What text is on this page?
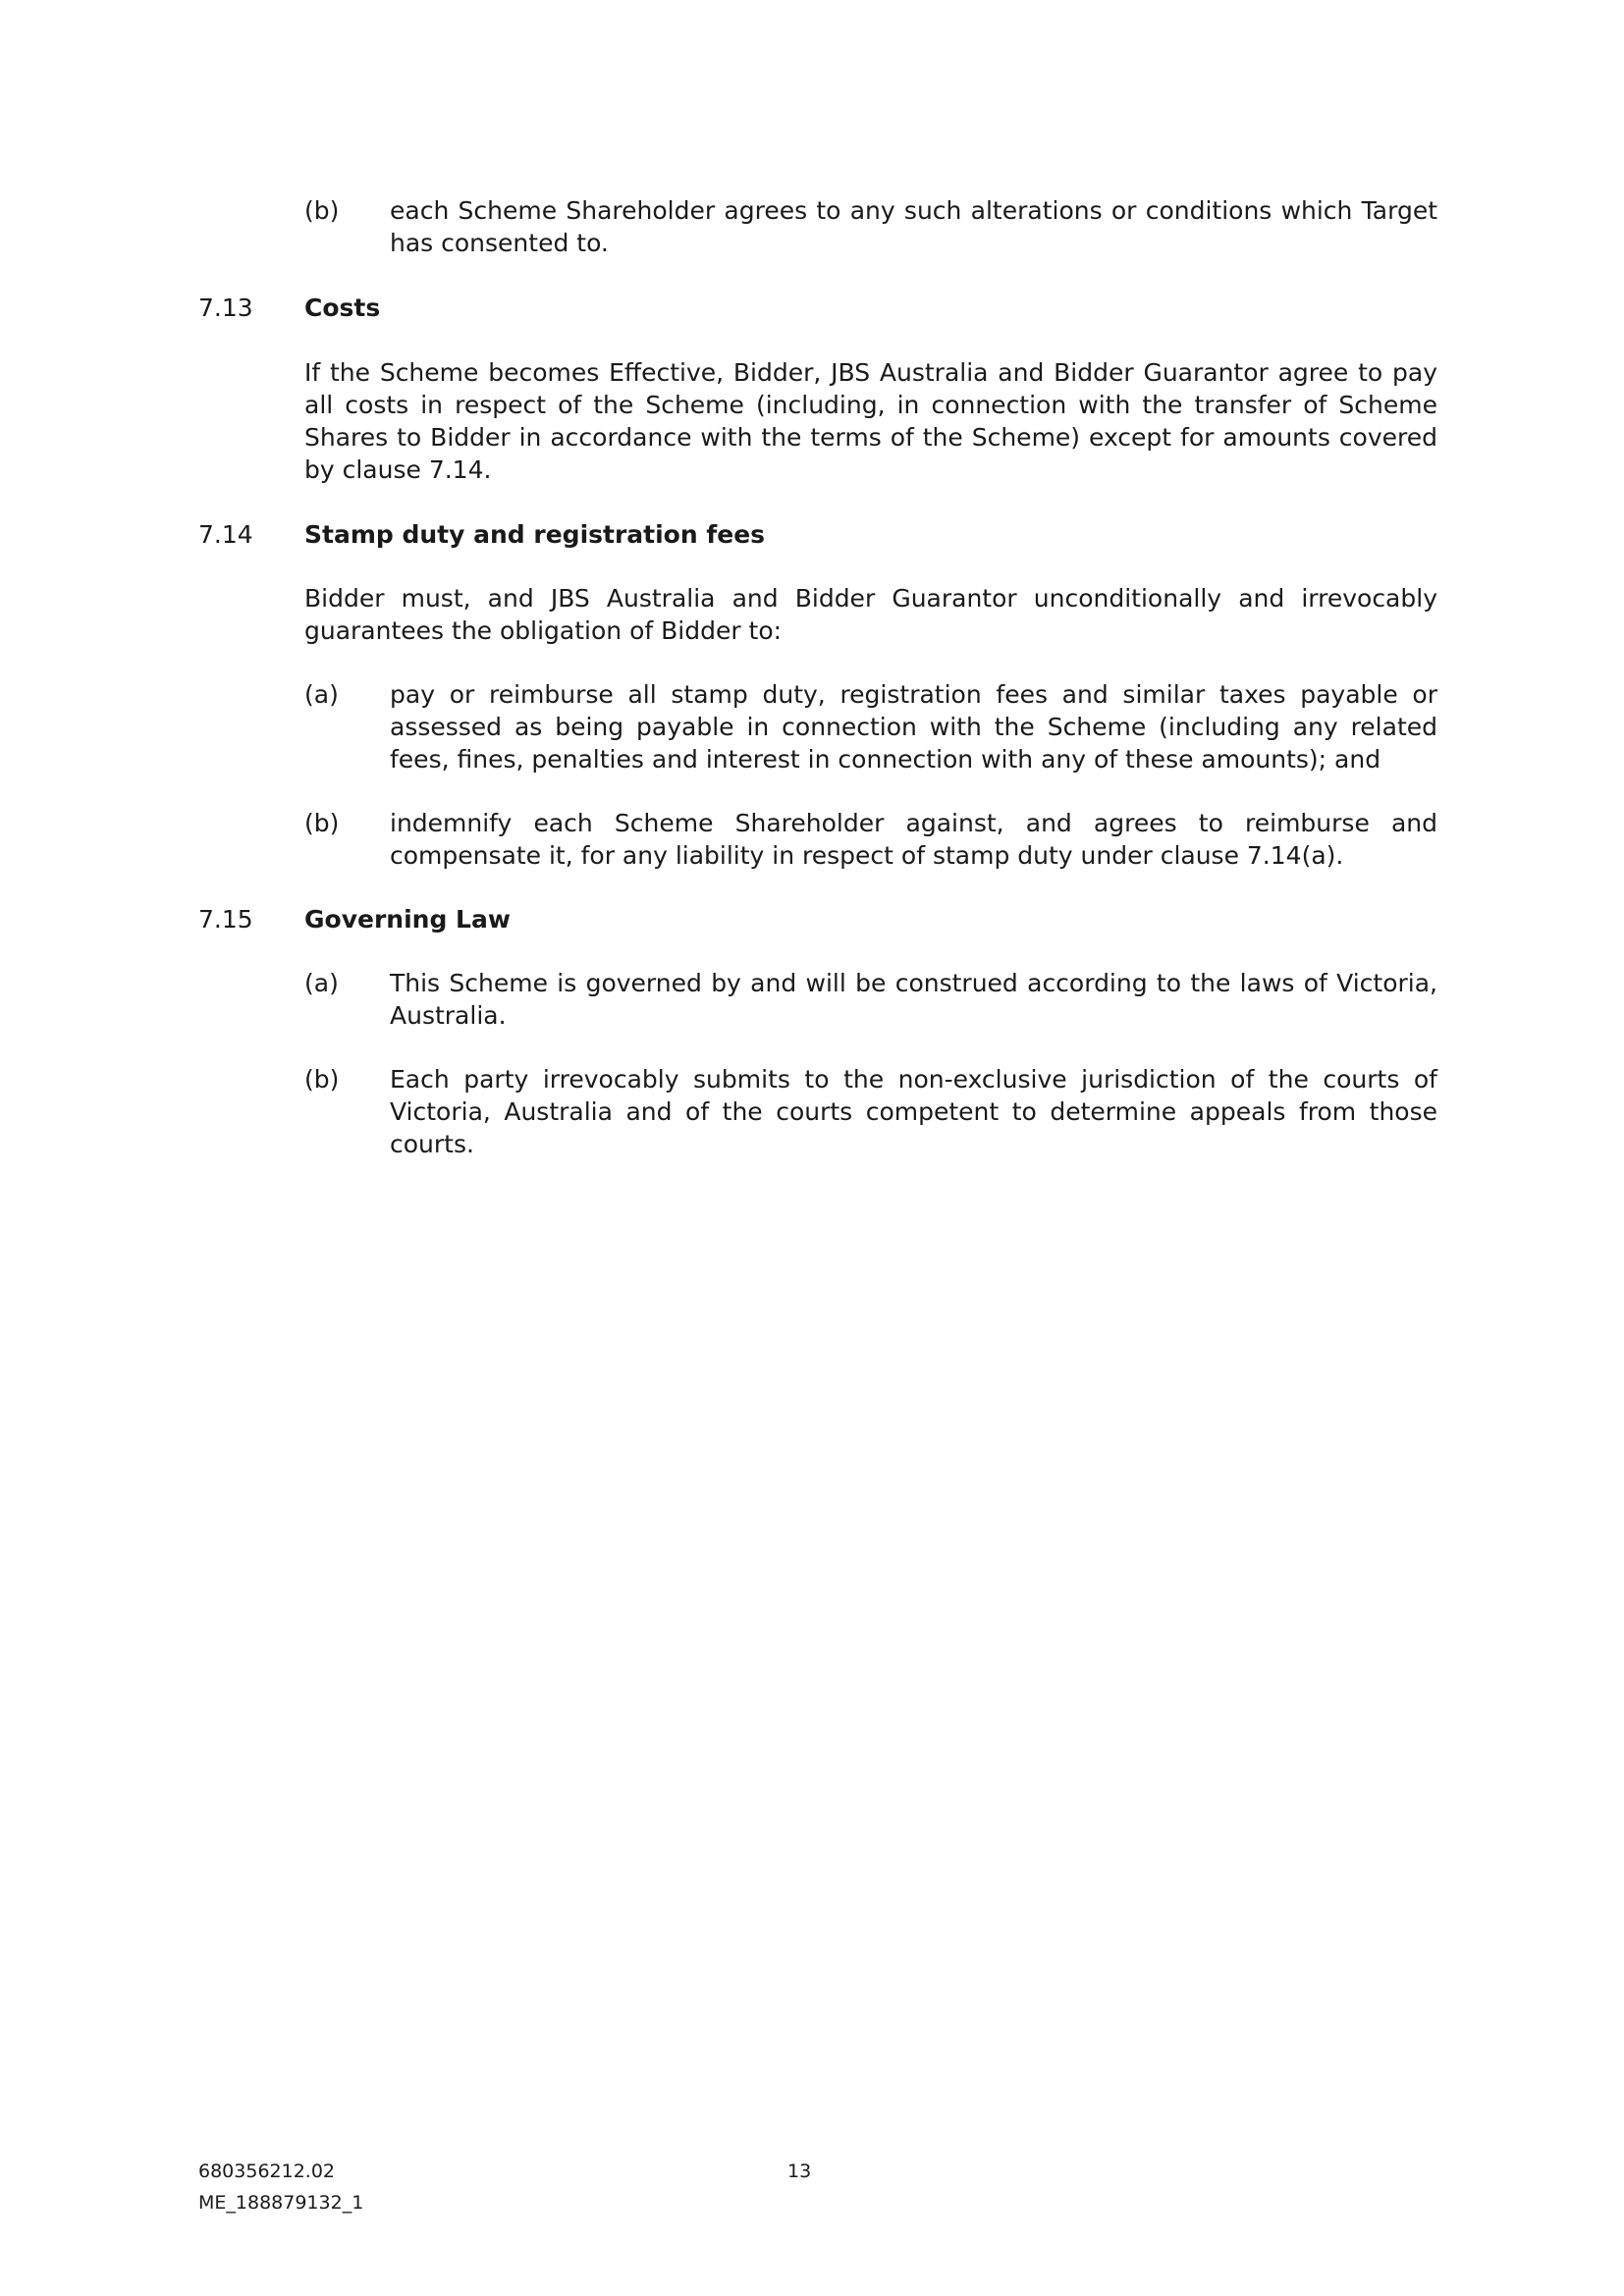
(b)	each Scheme Shareholder agrees to any such alterations or conditions which Target has consented to.
7.13 Costs
If the Scheme becomes Effective, Bidder, JBS Australia and Bidder Guarantor agree to pay all costs in respect of the Scheme (including, in connection with the transfer of Scheme Shares to Bidder in accordance with the terms of the Scheme) except for amounts covered by clause 7.14.
7.14 Stamp duty and registration fees
Bidder must, and JBS Australia and Bidder Guarantor unconditionally and irrevocably guarantees the obligation of Bidder to:
(a)	pay or reimburse all stamp duty, registration fees and similar taxes payable or assessed as being payable in connection with the Scheme (including any related fees, fines, penalties and interest in connection with any of these amounts); and
(b)	indemnify each Scheme Shareholder against, and agrees to reimburse and compensate it, for any liability in respect of stamp duty under clause 7.14(a).
7.15 Governing Law
(a)	This Scheme is governed by and will be construed according to the laws of Victoria, Australia.
(b)	Each party irrevocably submits to the non-exclusive jurisdiction of the courts of Victoria, Australia and of the courts competent to determine appeals from those courts.
680356212.02
ME_188879132_1
13
